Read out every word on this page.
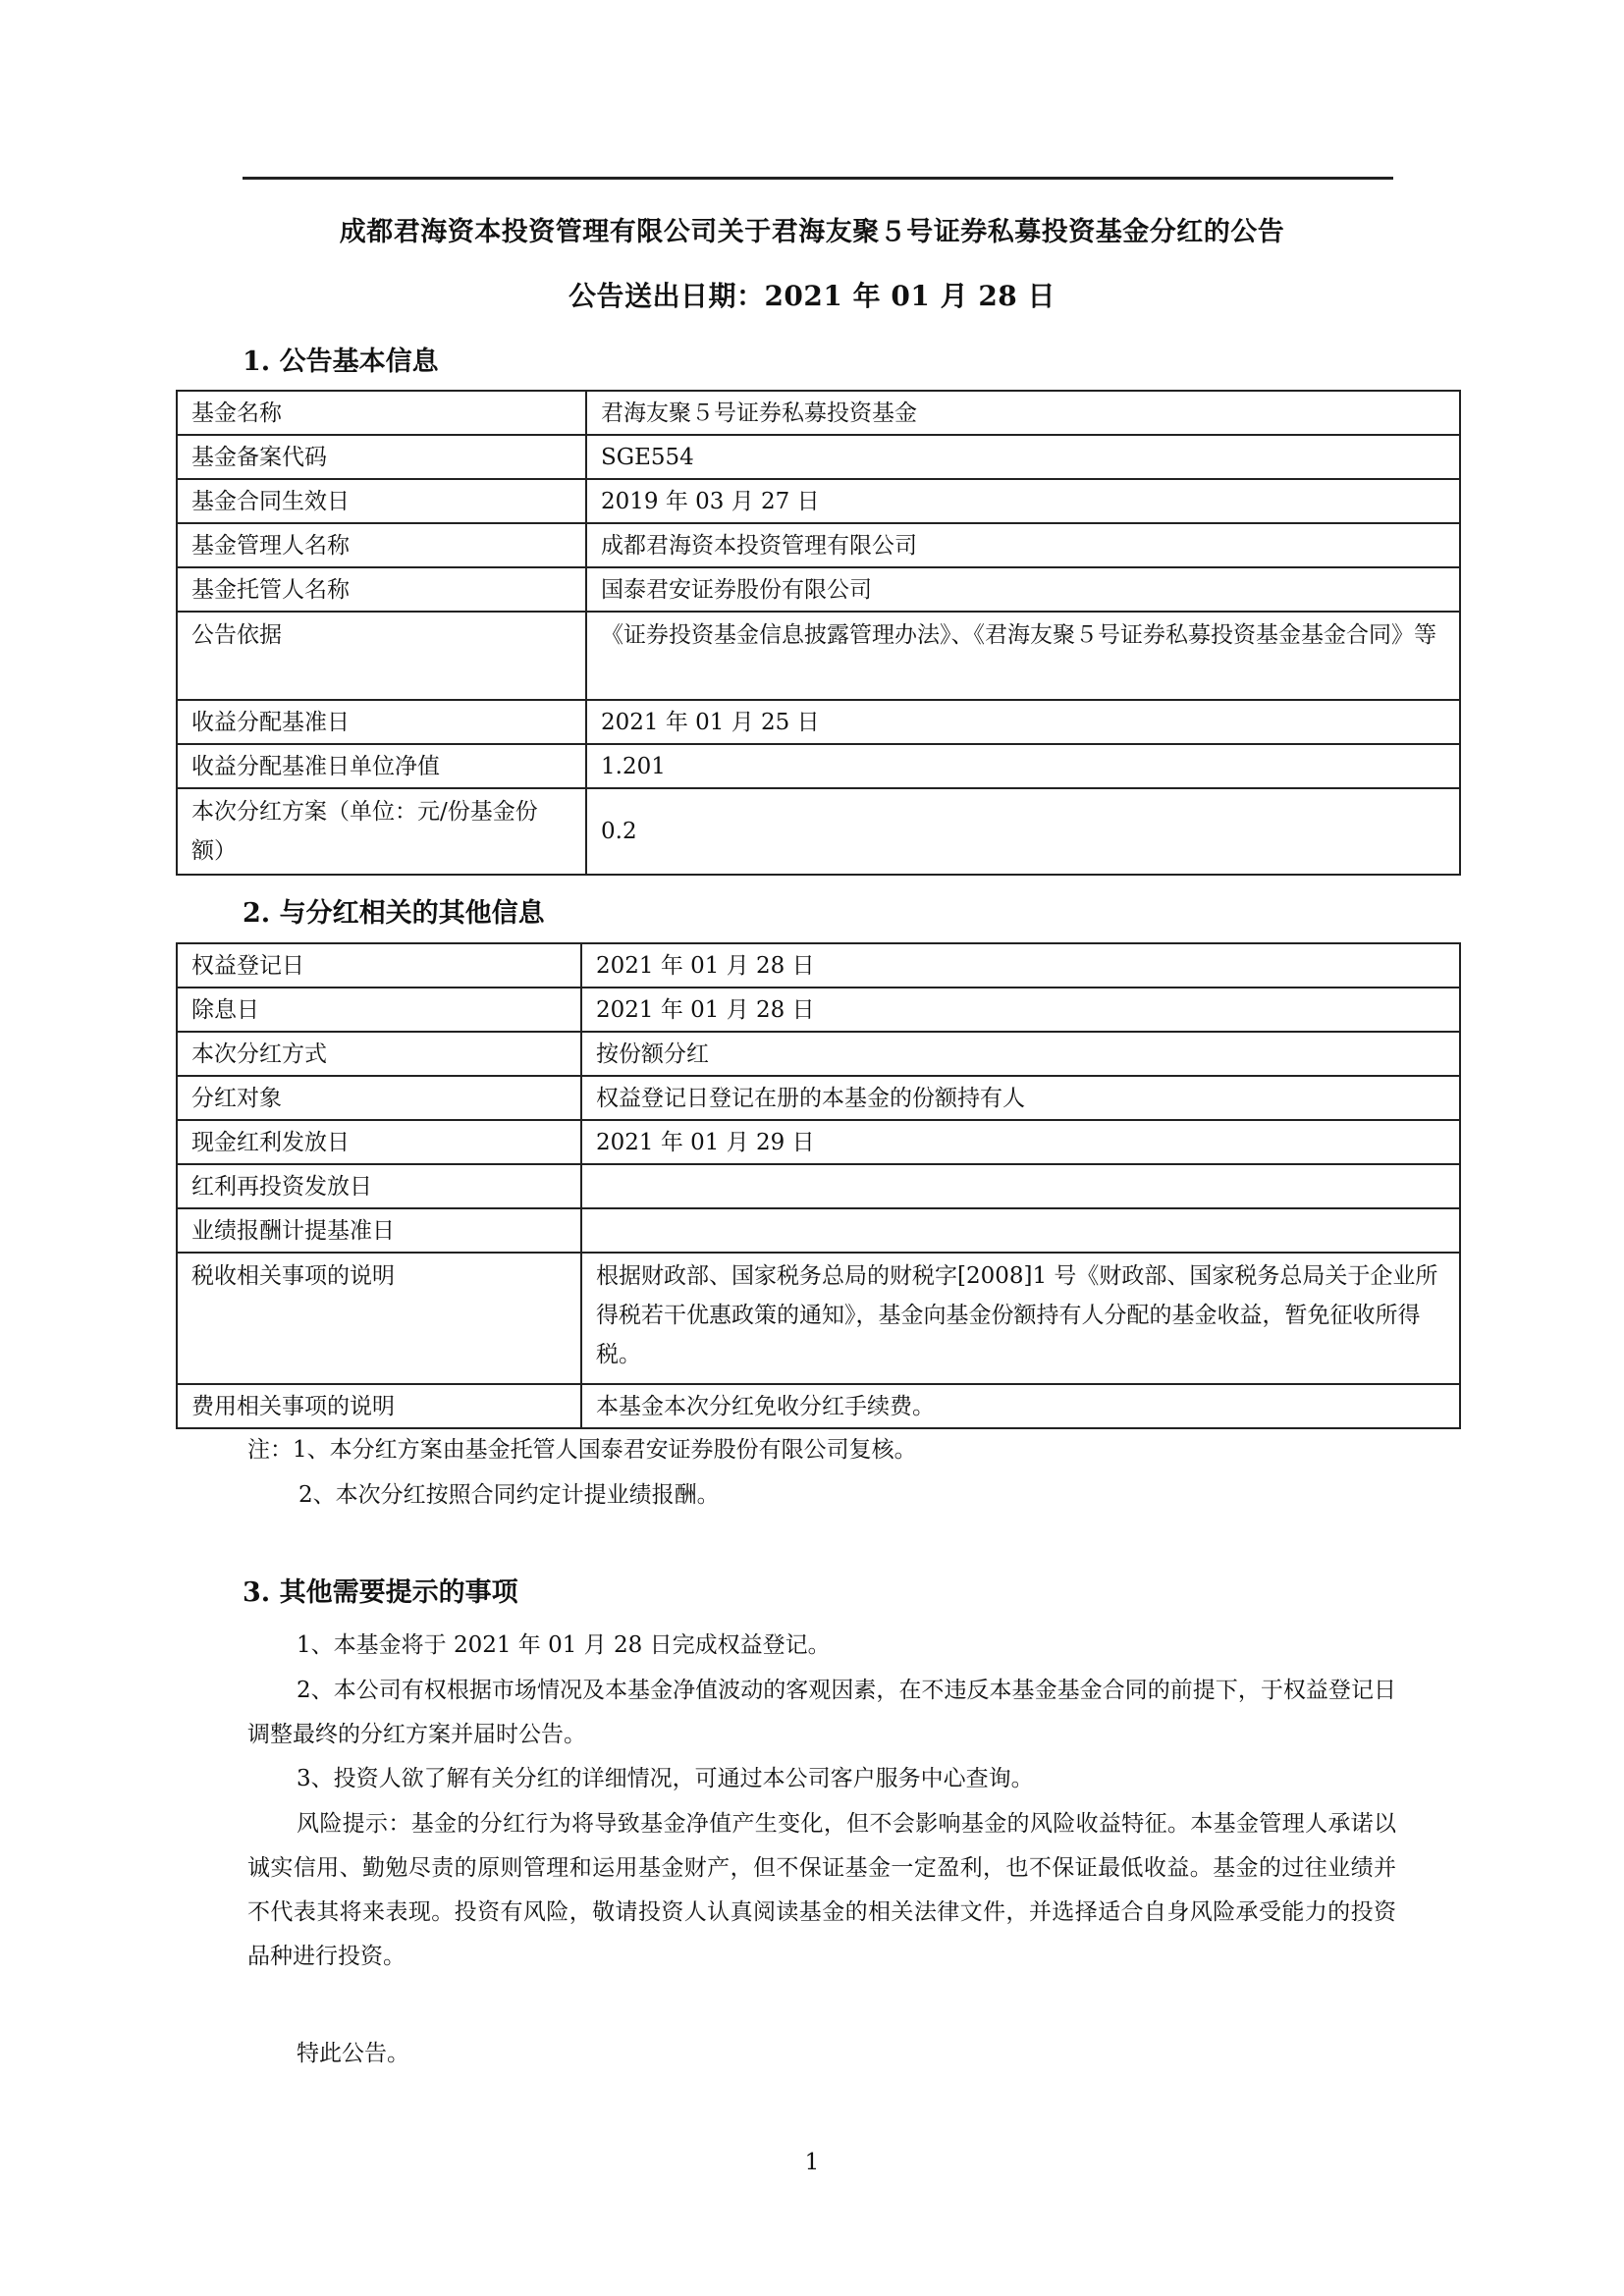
成都君海资本投资管理有限公司关于君海友聚５号证券私募投资基金分红的公告
公告送出日期：2021 年 01 月 28 日
1. 公告基本信息
基金名称	君海友聚５号证券私募投资基金
基金备案代码	SGE554
基金合同生效日	2019 年 03 月 27 日
基金管理人名称	成都君海资本投资管理有限公司
基金托管人名称	国泰君安证券股份有限公司
公告依据	《证券投资基金信息披露管理办法》、《君海友聚５号证券私募投资基金基金合同》等
收益分配基准日	2021 年 01 月 25 日
收益分配基准日单位净值	1.201
本次分红方案（单位：元/份基金份额）	0.2
2. 与分红相关的其他信息
权益登记日	2021 年 01 月 28 日
除息日	2021 年 01 月 28 日
本次分红方式	按份额分红
分红对象	权益登记日登记在册的本基金的份额持有人
现金红利发放日	2021 年 01 月 29 日
红利再投资发放日	
业绩报酬计提基准日	
税收相关事项的说明	根据财政部、国家税务总局的财税字[2008]1 号《财政部、国家税务总局关于企业所得税若干优惠政策的通知》，基金向基金份额持有人分配的基金收益，暂免征收所得税。
费用相关事项的说明	本基金本次分红免收分红手续费。
注：1、本分红方案由基金托管人国泰君安证券股份有限公司复核。
2、本次分红按照合同约定计提业绩报酬。
3. 其他需要提示的事项
1、本基金将于 2021 年 01 月 28 日完成权益登记。
2、本公司有权根据市场情况及本基金净值波动的客观因素，在不违反本基金基金合同的前提下，于权益登记日调整最终的分红方案并届时公告。
3、投资人欲了解有关分红的详细情况，可通过本公司客户服务中心查询。
风险提示：基金的分红行为将导致基金净值产生变化，但不会影响基金的风险收益特征。本基金管理人承诺以诚实信用、勤勉尽责的原则管理和运用基金财产，但不保证基金一定盈利，也不保证最低收益。基金的过往业绩并不代表其将来表现。投资有风险，敬请投资人认真阅读基金的相关法律文件，并选择适合自身风险承受能力的投资品种进行投资。
特此公告。
1
